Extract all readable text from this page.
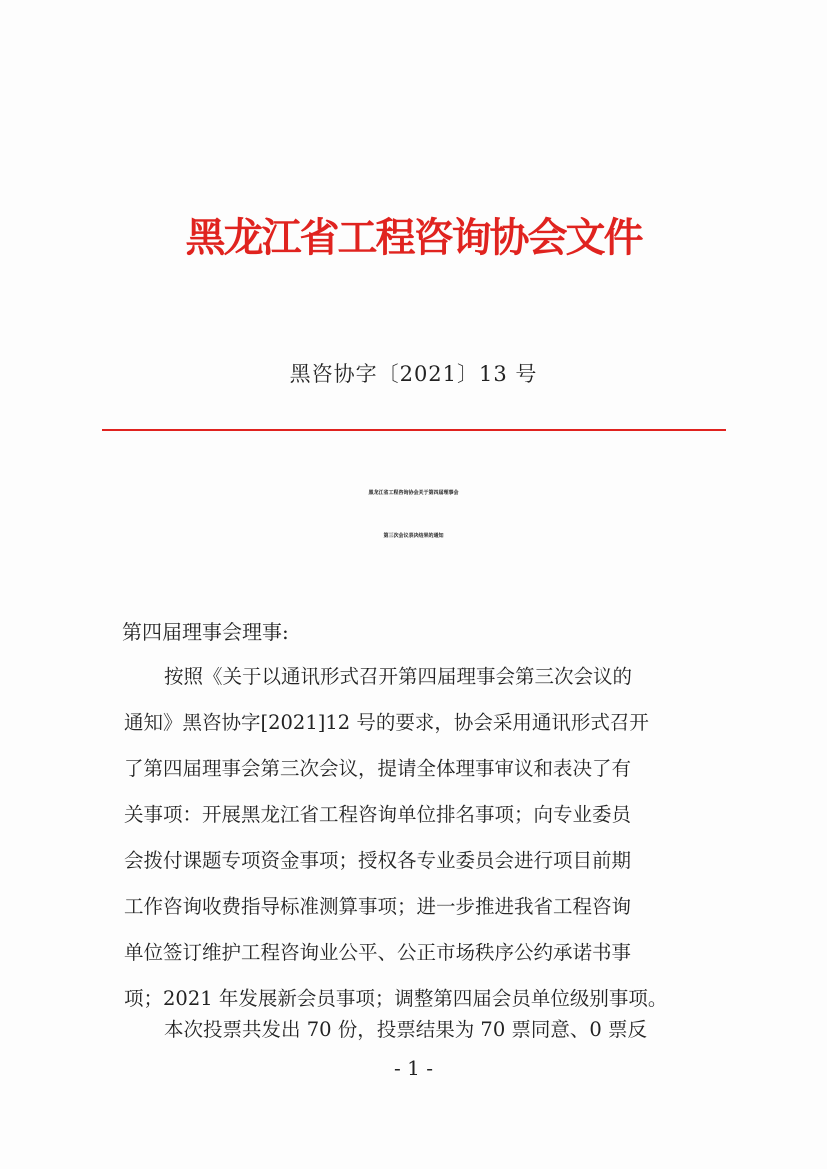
黑龙江省工程咨询协会文件
黑咨协字〔2021〕13 号
黑龙江省工程咨询协会关于第四届理事会
第三次会议表决结果的通知
第四届理事会理事:
按照《关于以通讯形式召开第四届理事会第三次会议的
通知》黑咨协字[2021]12 号的要求，协会采用通讯形式召开
了第四届理事会第三次会议，提请全体理事审议和表决了有
关事项：开展黑龙江省工程咨询单位排名事项；向专业委员
会拨付课题专项资金事项；授权各专业委员会进行项目前期
工作咨询收费指导标准测算事项；进一步推进我省工程咨询
单位签订维护工程咨询业公平、公正市场秩序公约承诺书事
项；2021 年发展新会员事项；调整第四届会员单位级别事项。
本次投票共发出 70 份，投票结果为 70 票同意、0 票反
- 1 -
